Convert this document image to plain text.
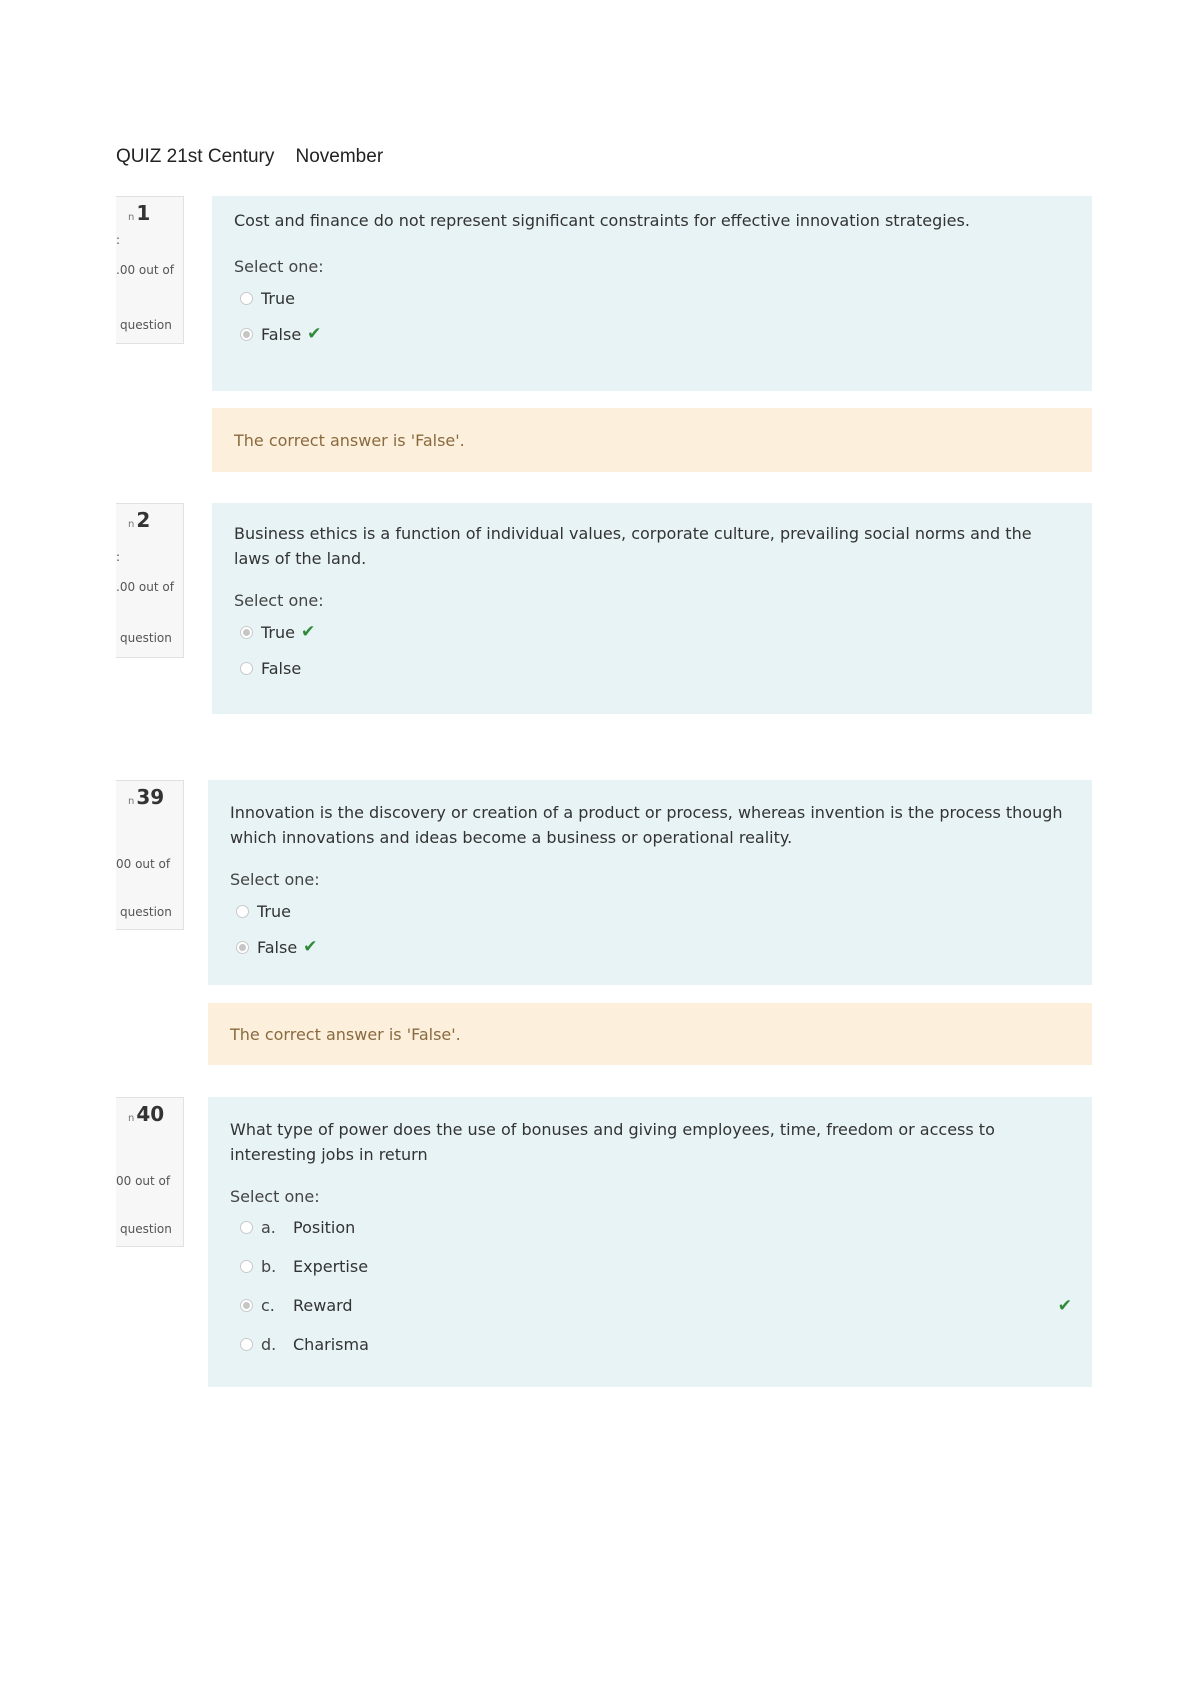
QUIZ 21st Century    November
n 1
:
.00 out of
question

Cost and finance do not represent significant constraints for effective innovation strategies.

Select one:
True
False ✔
The correct answer is 'False'.
n 2
:
.00 out of
question

Business ethics is a function of individual values, corporate culture, prevailing social norms and the laws of the land.

Select one:
True ✔
False
n 39
00 out of
question

Innovation is the discovery or creation of a product or process, whereas invention is the process though which innovations and ideas become a business or operational reality.

Select one:
True
False ✔
The correct answer is 'False'.
n 40
00 out of
question

What type of power does the use of bonuses and giving employees, time, freedom or access to interesting jobs in return

Select one:
a.	Position
b.	Expertise
c.	Reward	✔
d.	Charisma
